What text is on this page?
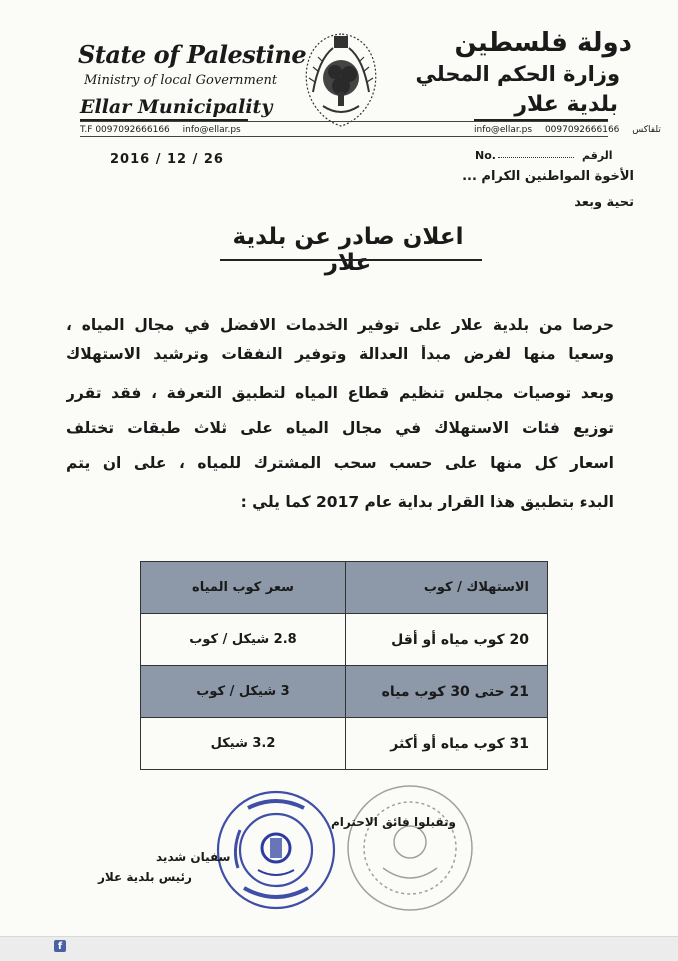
State of Palestine
Ministry of local Government
Ellar Municipality
دولة فلسطين
وزارة الحكم المحلي
بلدية علار
T.F 0097092666166 info@ellar.ps	info@ellar.ps 0097092666166 تلفاكس
2016 / 12 / 26	No.	الرقم
الأخوة المواطنين الكرام ...
تحية وبعد
اعلان صادر عن بلدية علار
حرصا من بلدية علار على توفير الخدمات الافضل في مجال المياه ،
وسعيا منها لفرض مبدأ العدالة وتوفير النفقات وترشيد الاستهلاك
وبعد توصيات مجلس تنظيم قطاع المياه لتطبيق التعرفة ، فقد تقرر
توزيع فئات الاستهلاك في مجال المياه على ثلاث طبقات تختلف
اسعار كل منها على حسب سحب المشترك للمياه ، على ان يتم
البدء بتطبيق هذا القرار بداية عام 2017 كما يلي :
الاستهلاك / كوب	سعر كوب المياه
20 كوب مياه أو أقل	2.8 شيكل / كوب
21 حتى 30 كوب مياه	3 شيكل / كوب
31 كوب مياه أو أكثر	3.2 شيكل
وتقبلوا فائق الاحترام
سفيان شديد
رئيس بلدية علار
f
